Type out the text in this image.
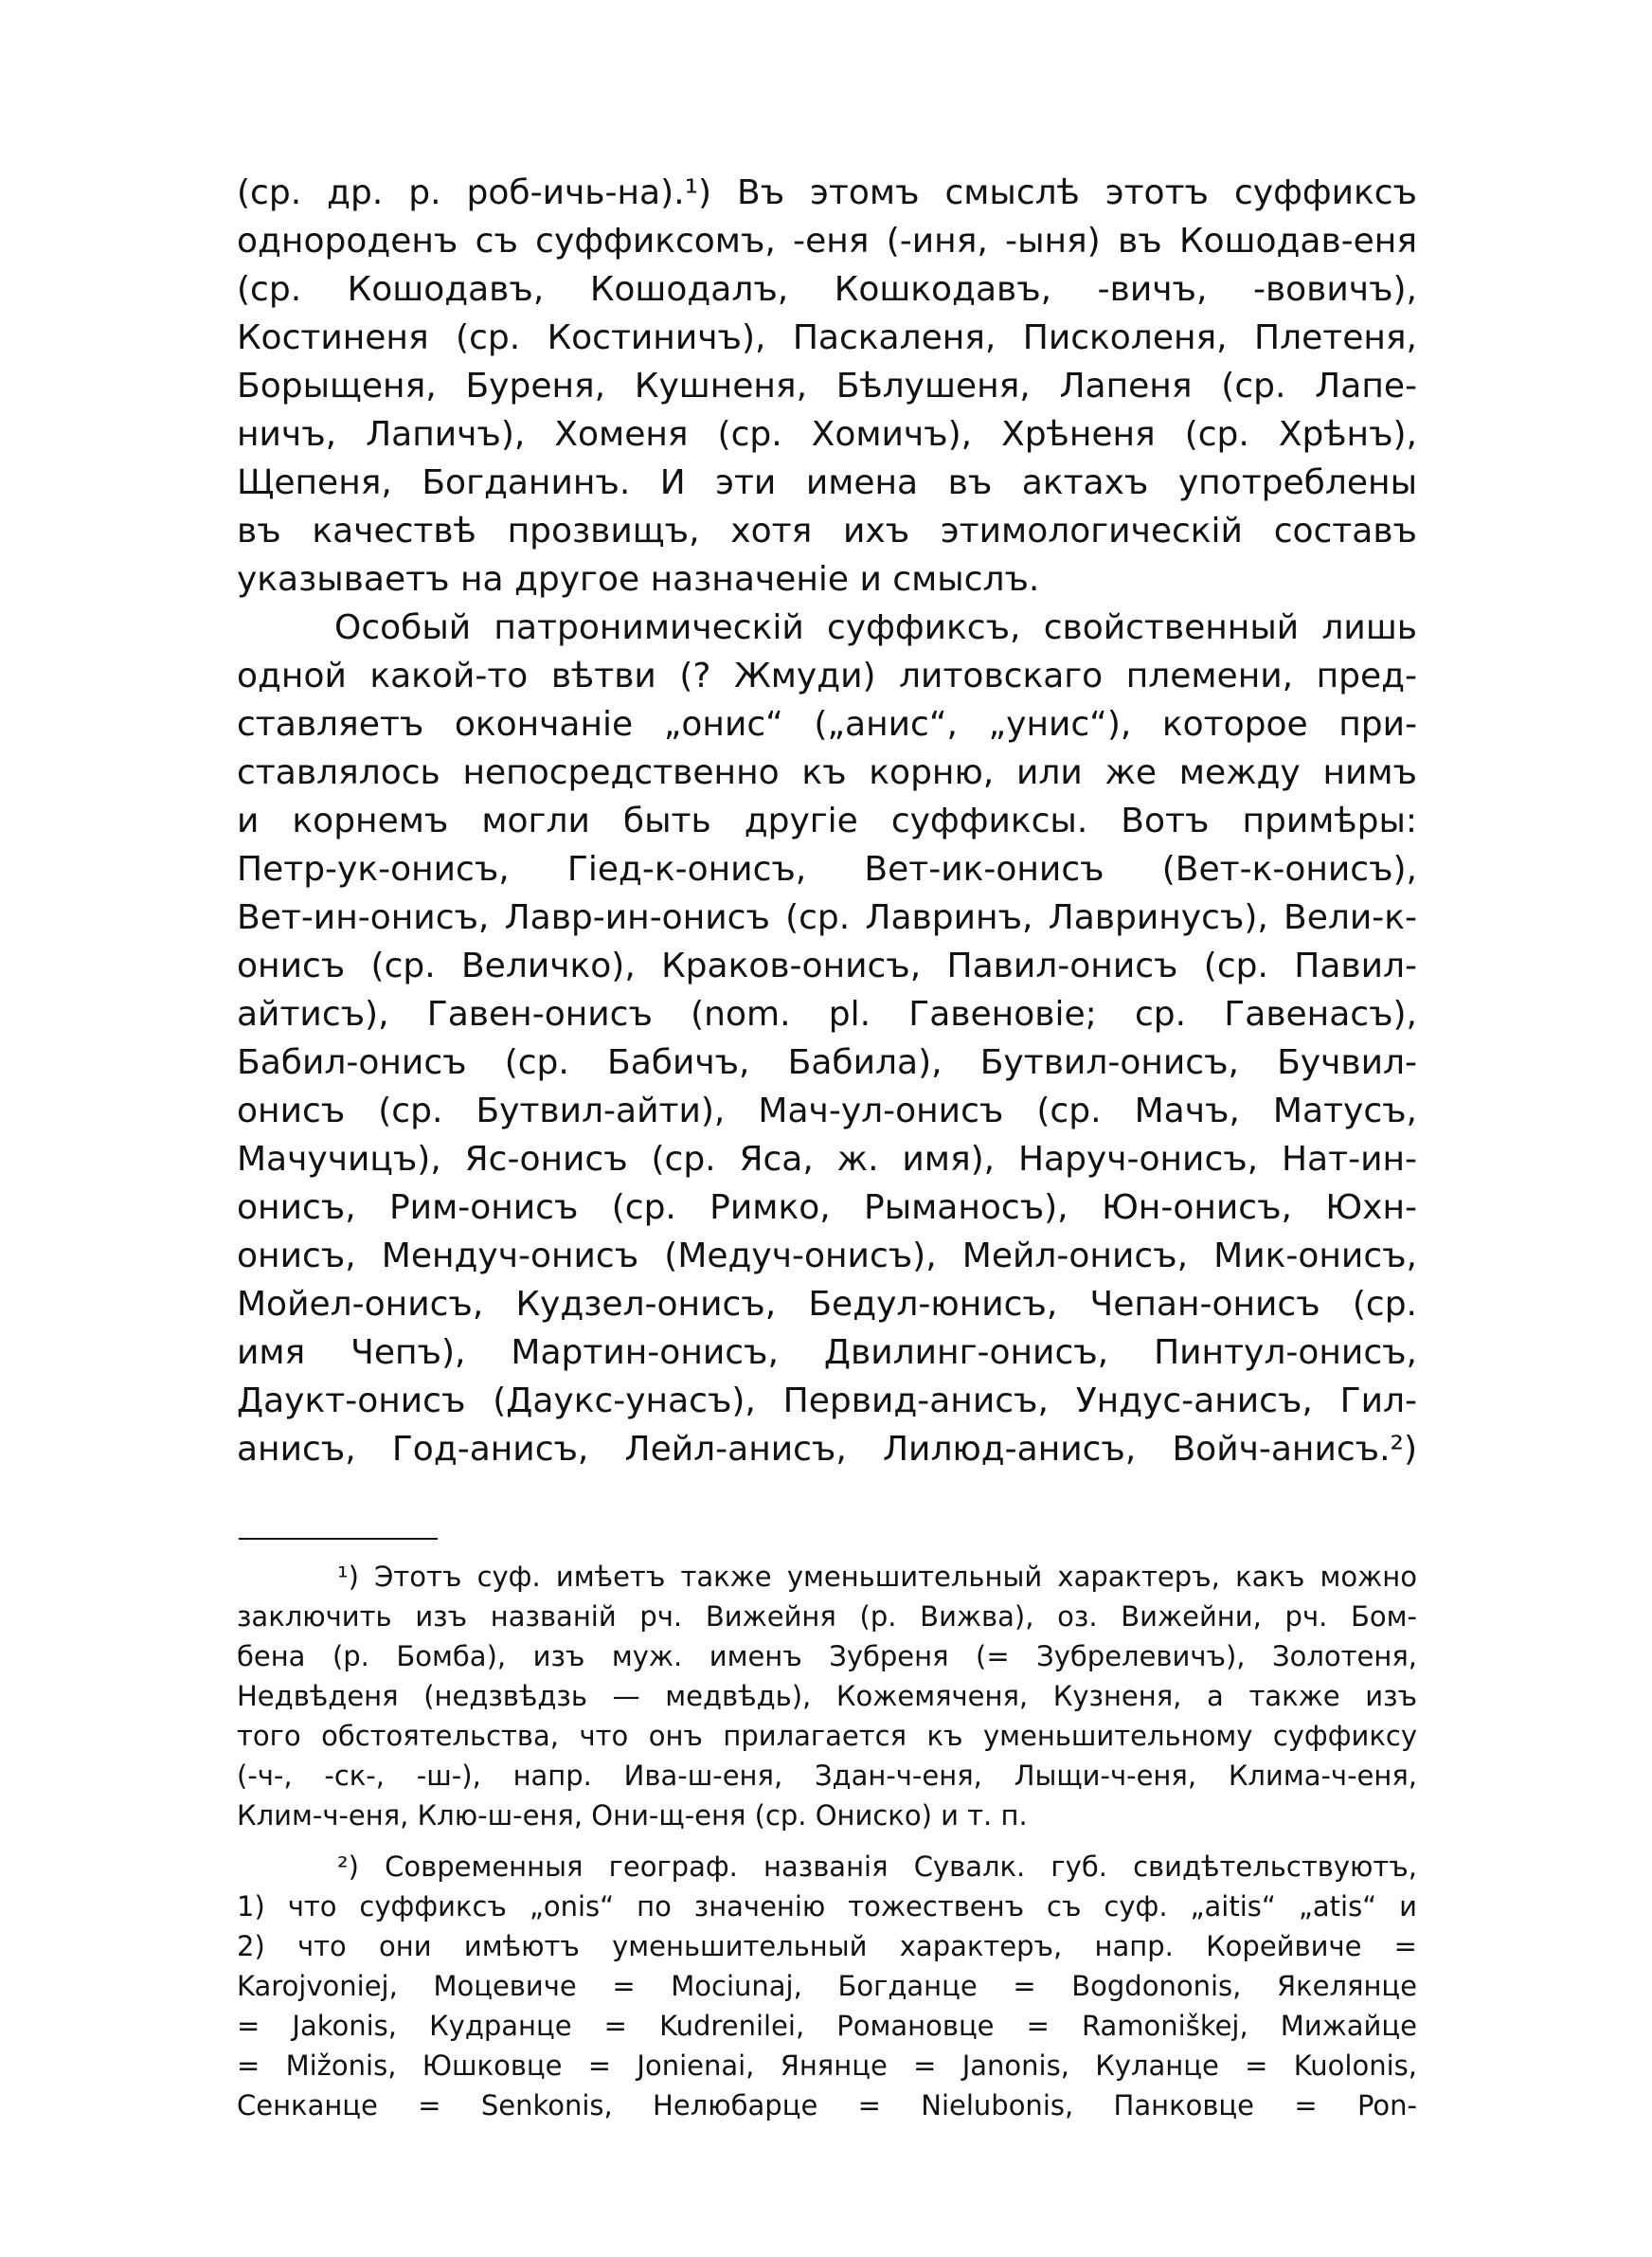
(ср. др. р. роб-ичь-на).¹) Въ этомъ смыслѣ этотъ суффиксъ
однороденъ съ суффиксомъ, -еня (-иня, -ыня) въ Кошодав-еня
(ср. Кошодавъ, Кошодалъ, Кошкодавъ, -вичъ, -вовичъ),
Костиненя (ср. Костиничъ), Паскаленя, Писколеня, Плетеня,
Борыщеня, Буреня, Кушненя, Бѣлушеня, Лапеня (ср. Лапе-
ничъ, Лапичъ), Хоменя (ср. Хомичъ), Хрѣненя (ср. Хрѣнъ),
Щепеня, Богданинъ. И эти имена въ актахъ употреблены
въ качествѣ прозвищъ, хотя ихъ этимологическiй составъ
указываетъ на другое назначенiе и смыслъ.
Особый патронимическiй суффиксъ, свойственный лишь
одной какой-то вѣтви (? Жмуди) литовскаго племени, пред-
ставляетъ окончанiе „онис“ („анис“, „унис“), которое при-
ставлялось непосредственно къ корню, или же между нимъ
и корнемъ могли быть другiе суффиксы. Вотъ примѣры:
Петр-ук-онисъ, Гiед-к-онисъ, Вет-ик-онисъ (Вет-к-онисъ),
Вет-ин-онисъ, Лавр-ин-онисъ (ср. Лавринъ, Лавринусъ), Вели-к-
онисъ (ср. Величко), Краков-онисъ, Павил-онисъ (ср. Павил-
айтисъ), Гавен-онисъ (nom. pl. Гавеновiе; ср. Гавенасъ),
Бабил-онисъ (ср. Бабичъ, Бабила), Бутвил-онисъ, Бучвил-
онисъ (ср. Бутвил-айти), Мач-ул-онисъ (ср. Мачъ, Матусъ,
Мачучицъ), Яс-онисъ (ср. Яса, ж. имя), Наруч-онисъ, Нат-ин-
онисъ, Рим-онисъ (ср. Римко, Рыманосъ), Юн-онисъ, Юхн-
онисъ, Мендуч-онисъ (Медуч-онисъ), Мейл-онисъ, Мик-онисъ,
Мойел-онисъ, Кудзел-онисъ, Бедул-юнисъ, Чепан-онисъ (ср.
имя Чепъ), Мартин-онисъ, Двилинг-онисъ, Пинтул-онисъ,
Даукт-онисъ (Даукс-унасъ), Первид-анисъ, Ундус-анисъ, Гил-
анисъ, Год-анисъ, Лейл-анисъ, Лилюд-анисъ, Войч-анисъ.²)
¹) Этотъ суф. имѣетъ также уменьшительный характеръ, какъ можно
заключить изъ названiй рч. Вижейня (р. Вижва), оз. Вижейни, рч. Бом-
бена (р. Бомба), изъ муж. именъ Зубреня (= Зубрелевичъ), Золотеня,
Недвѣденя (недзвѣдзь — медвѣдь), Кожемяченя, Кузненя, а также изъ
того обстоятельства, что онъ прилагается къ уменьшительному суффиксу
(-ч-, -ск-, -ш-), напр. Ива-ш-еня, Здан-ч-еня, Лыщи-ч-еня, Клима-ч-еня,
Клим-ч-еня, Клю-ш-еня, Они-щ-еня (ср. Ониско) и т. п.
²) Современныя географ. названiя Сувалк. губ. свидѣтельствуютъ,
1) что суффиксъ „onis“ по значенiю тожественъ съ суф. „aitis“ „atis“ и
2) что они имѣютъ уменьшительный характеръ, напр. Корейвиче =
Karojvoniej, Моцевиче = Mociunaj, Богданце = Bogdononis, Якелянце
= Jakonis, Кудранце = Kudrenilei, Романовце = Ramoniškej, Мижайце
= Mižonis, Юшковце = Jonienai, Янянце = Janonis, Куланце = Kuolonis,
Сенканце = Senkonis, Нелюбарце = Nielubonis, Панковце = Pon-
